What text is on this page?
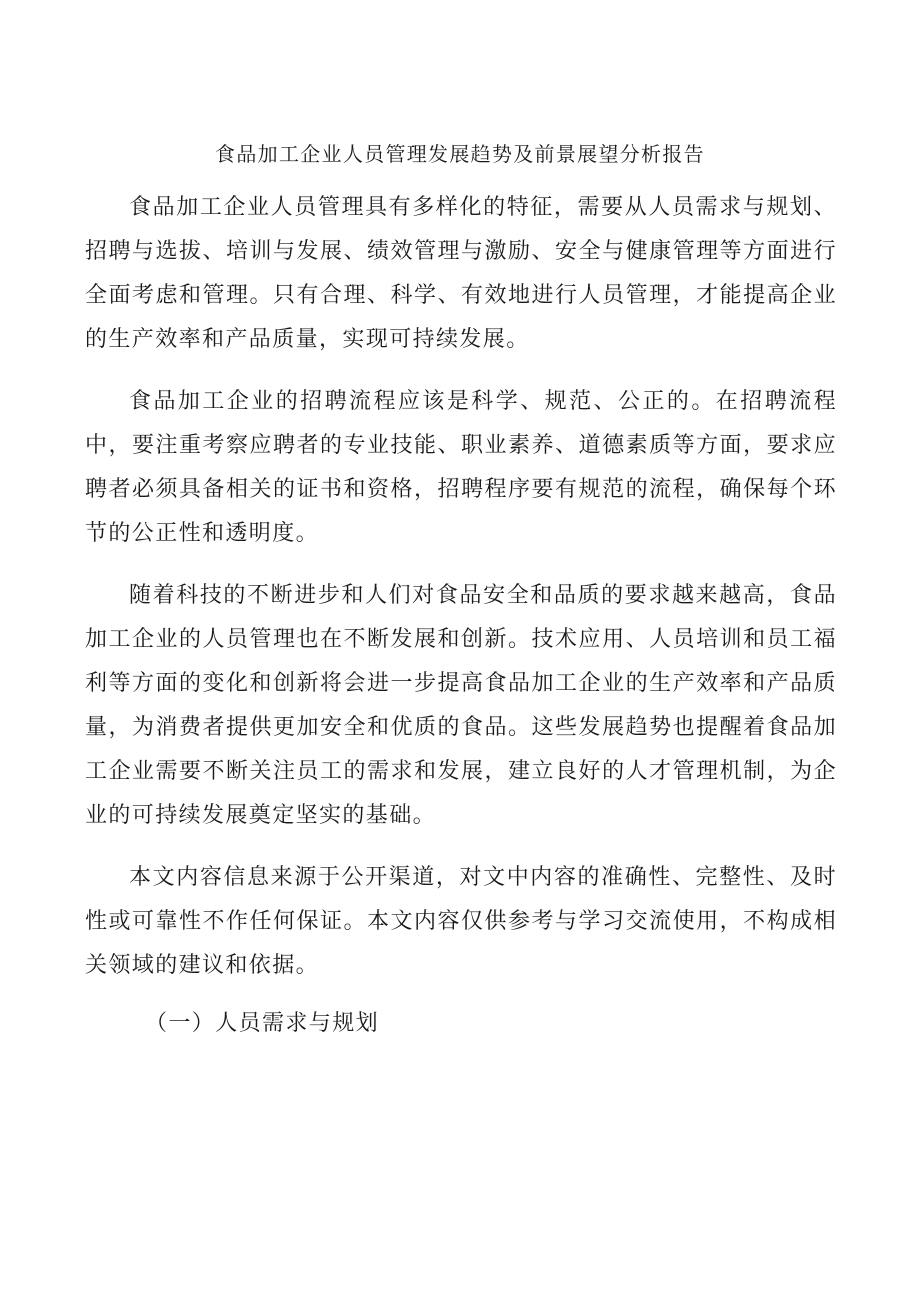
食品加工企业人员管理发展趋势及前景展望分析报告

食品加工企业人员管理具有多样化的特征，需要从人员需求与规划、招聘与选拔、培训与发展、绩效管理与激励、安全与健康管理等方面进行全面考虑和管理。只有合理、科学、有效地进行人员管理，才能提高企业的生产效率和产品质量，实现可持续发展。

食品加工企业的招聘流程应该是科学、规范、公正的。在招聘流程中，要注重考察应聘者的专业技能、职业素养、道德素质等方面，要求应聘者必须具备相关的证书和资格，招聘程序要有规范的流程，确保每个环节的公正性和透明度。

随着科技的不断进步和人们对食品安全和品质的要求越来越高，食品加工企业的人员管理也在不断发展和创新。技术应用、人员培训和员工福利等方面的变化和创新将会进一步提高食品加工企业的生产效率和产品质量，为消费者提供更加安全和优质的食品。这些发展趋势也提醒着食品加工企业需要不断关注员工的需求和发展，建立良好的人才管理机制，为企业的可持续发展奠定坚实的基础。

本文内容信息来源于公开渠道，对文中内容的准确性、完整性、及时性或可靠性不作任何保证。本文内容仅供参考与学习交流使用，不构成相关领域的建议和依据。

（一）人员需求与规划
